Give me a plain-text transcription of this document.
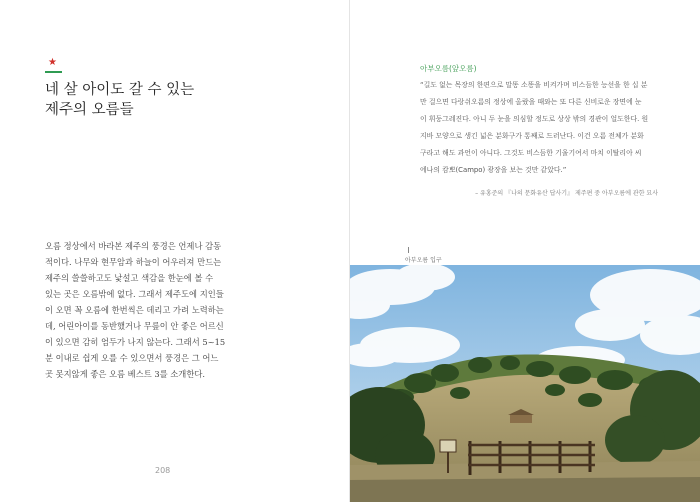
★
네 살 아이도 갈 수 있는
제주의 오름들
오름 정상에서 바라본 제주의 풍경은 언제나 감동
적이다. 나무와 현무암과 하늘이 어우러져 만드는
제주의 쓸쓸하고도 낯설고 색감을 한눈에 볼 수
있는 곳은 오름밖에 없다. 그래서 제주도에 지인들
이 오면 꼭 오름에 한번씩은 데리고 가려 노력하는
데, 어린아이를 동반했거나 무릎이 안 좋은 어르신
이 있으면 감히 엄두가 나지 않는다. 그래서 5~15
분 이내로 쉽게 오를 수 있으면서 풍경은 그 어느
곳 못지않게 좋은 오름 베스트 3를 소개한다.
208
아부오름(앞오름)
“길도 없는 목장의 한편으로 말똥 소똥을 비켜가며 비스듬한 능선을 한 십 분
만 걸으면 다랑쉬오름의 정상에 올랐을 때와는 또 다른 신비로운 장면에 눈
이 휘둥그레진다. 아니 두 눈을 의심할 정도로 상상 밖의 경관이 얼도한다. 원
지바 모양으로 생긴 넓은 분화구가 통째로 드러난다. 이건 오름 전체가 분화
구라고 해도 과언이 아니다. 그것도 비스듬한 기울기여서 마치 이탈리아 씨
에나의 캄뽀(Campo) 광장을 보는 것만 같았다.”
– 유홍준의 『나의 문화유산 답사기』 제주편 중 아부오름에 관한 묘사
아부오름 입구
